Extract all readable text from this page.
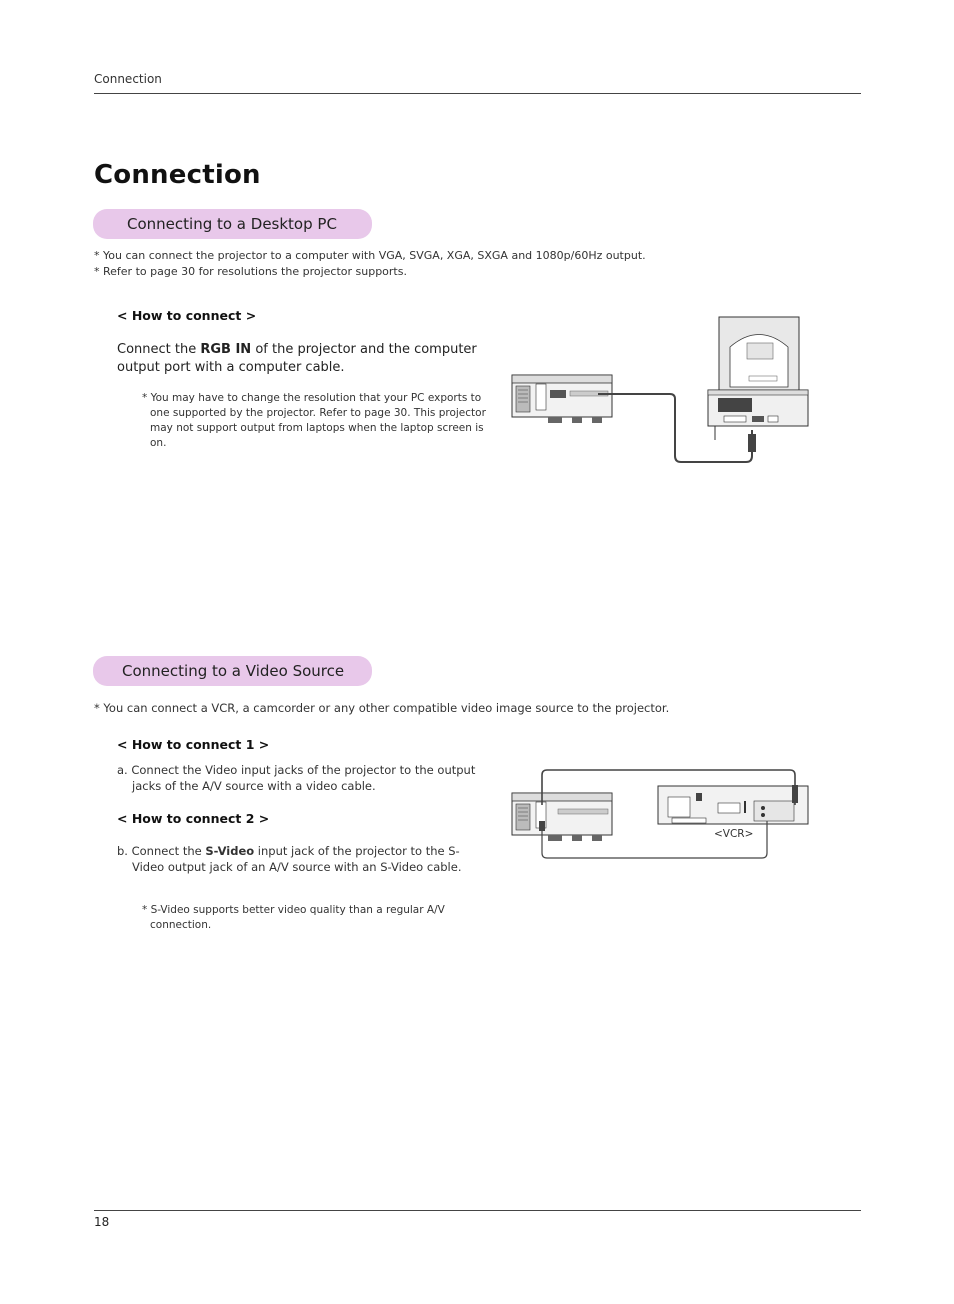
Connection
Connection
Connecting to a Desktop PC
* You can connect the projector to a computer with VGA, SVGA, XGA, SXGA and 1080p/60Hz output.
* Refer to page 30 for resolutions the projector supports.
< How to connect >
Connect the RGB IN of the projector and the computer output port with a computer cable.
* You may have to change the resolution that your PC exports to one supported by the projector. Refer to page 30. This projector may not support output from laptops when the laptop screen is on.
Connecting to a Video Source
* You can connect a VCR, a camcorder or any other compatible video image source to the projector.
< How to connect 1 >
a. Connect the Video input jacks of the projector to the output jacks of the A/V source with a video cable.
< How to connect 2 >
b. Connect the S-Video input jack of the projector to the S-Video output jack of an A/V source with an S-Video cable.
* S-Video supports better video quality than a regular A/V connection.
<VCR>
18
